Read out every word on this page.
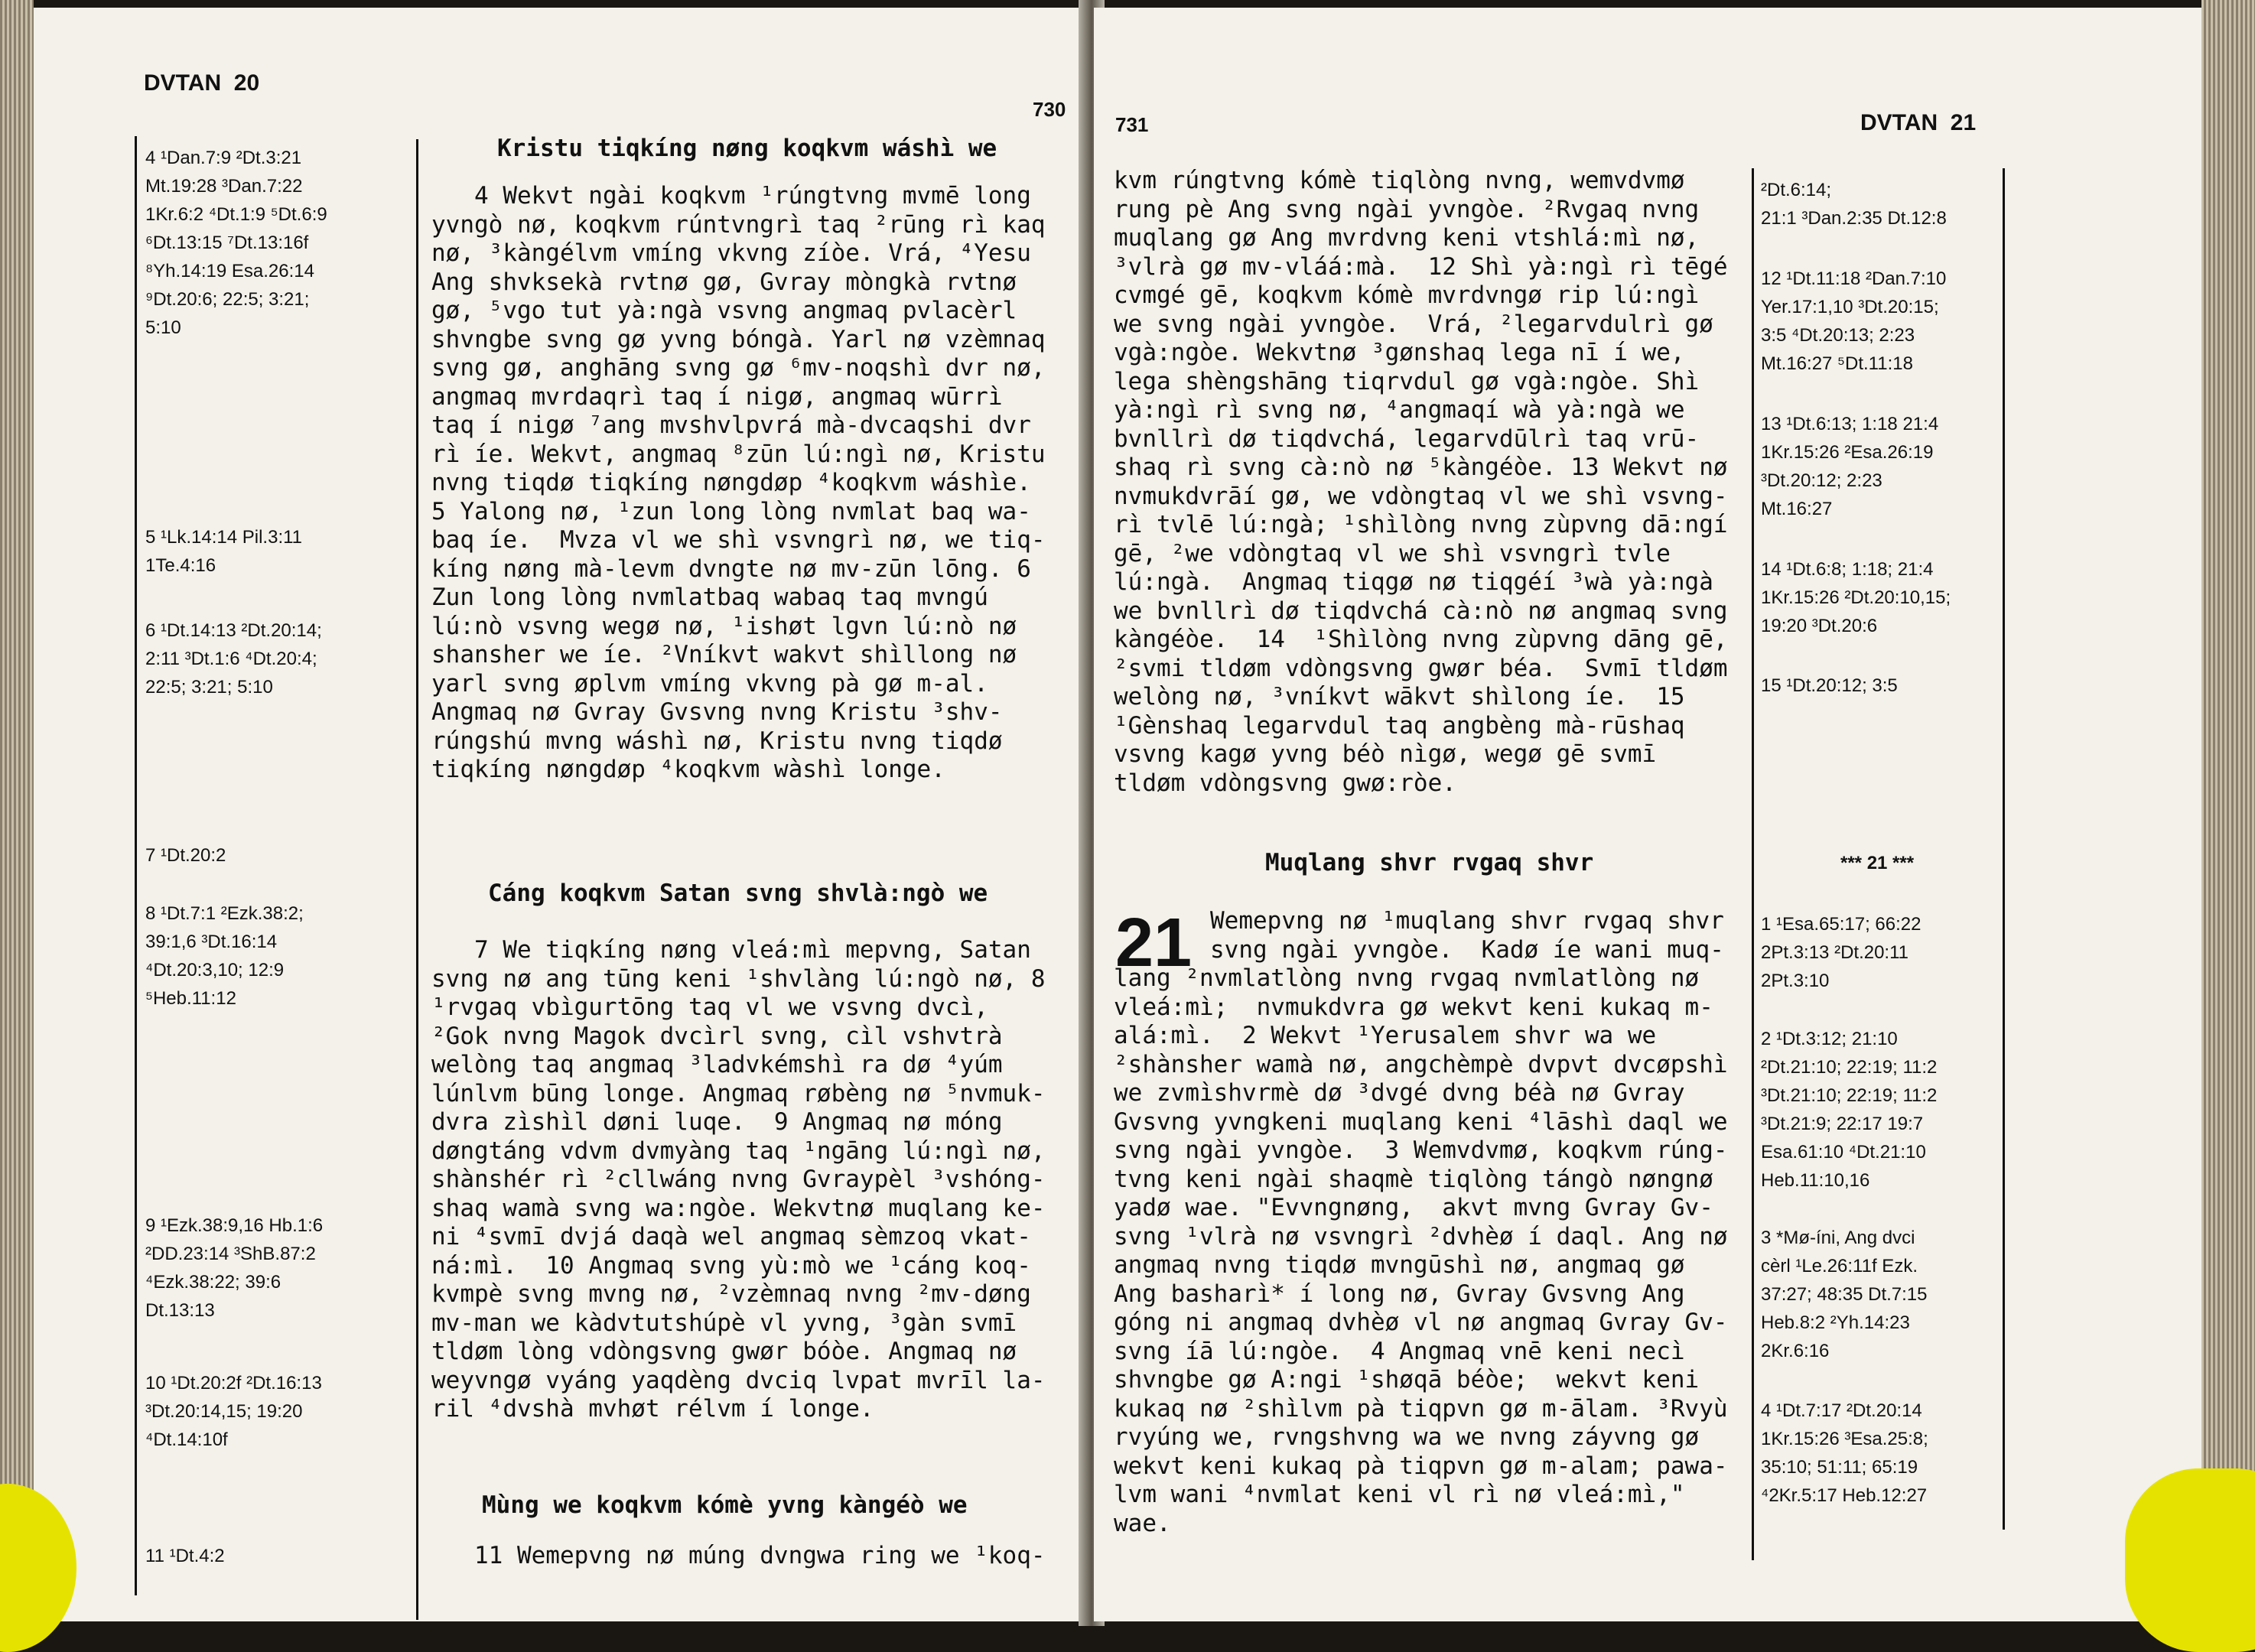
DVTAN  20
730

4 ¹Dan.7:9 ²Dt.3:21

Mt.19:28 ³Dan.7:22

1Kr.6:2 ⁴Dt.1:9 ⁵Dt.6:9

⁶Dt.13:15 ⁷Dt.13:16f

⁸Yh.14:19 Esa.26:14

⁹Dt.20:6; 22:5; 3:21;

5:10

5 ¹Lk.14:14 Pil.3:11

1Te.4:16

6 ¹Dt.14:13 ²Dt.20:14;

2:11 ³Dt.1:6 ⁴Dt.20:4;

22:5; 3:21; 5:10

7 ¹Dt.20:2

8 ¹Dt.7:1 ²Ezk.38:2;

39:1,6 ³Dt.16:14

⁴Dt.20:3,10; 12:9

⁵Heb.11:12

9 ¹Ezk.38:9,16 Hb.1:6

²DD.23:14 ³ShB.87:2

⁴Ezk.38:22; 39:6

Dt.13:13

10 ¹Dt.20:2f ²Dt.16:13

³Dt.20:14,15; 19:20

⁴Dt.14:10f

11 ¹Dt.4:2

Kristu tiqkíng nøng koqkvm wáshì we
4 Wekvt ngài koqkvm ¹rúngtvng mvmē long
yvngò nø, koqkvm rúntvngrì taq ²rūng rì kaq
nø, ³kàngélvm vmíng vkvng zíòe. Vrá, ⁴Yesu
Ang shvksekà rvtnø gø, Gvray mòngkà rvtnø
gø, ⁵vgo tut yà:ngà vsvng angmaq pvlacèrl
shvngbe svng gø yvng bóngà. Yarl nø vzèmnaq
svng gø, anghāng svng gø ⁶mv-noqshì dvr nø,
angmaq mvrdaqrì taq í nigø, angmaq wūrrì
taq í nigø ⁷ang mvshvlpvrá mà-dvcaqshi dvr
rì íe. Wekvt, angmaq ⁸zūn lú:ngì nø, Kristu
nvng tiqdø tiqkíng nøngdøp ⁴koqkvm wáshìe.
5 Yalong nø, ¹zun long lòng nvmlat baq wa-
baq íe.  Mvza vl we shì vsvngrì nø, we tiq-
kíng nøng mà-levm dvngte nø mv-zūn lōng. 6
Zun long lòng nvmlatbaq wabaq taq mvngú
lú:nò vsvng wegø nø, ¹ishøt lgvn lú:nò nø
shansher we íe. ²Vníkvt wakvt shìllong nø
yarl svng øplvm vmíng vkvng pà gø m-al.
Angmaq nø Gvray Gvsvng nvng Kristu ³shv-
rúngshú mvng wáshì nø, Kristu nvng tiqdø
tiqkíng nøngdøp ⁴koqkvm wàshì longe.
Cáng koqkvm Satan svng shvlà:ngò we
7 We tiqkíng nøng vleá:mì mepvng, Satan
svng nø ang tūng keni ¹shvlàng lú:ngò nø, 8
¹rvgaq vbìgurtōng taq vl we vsvng dvcì,
²Gok nvng Magok dvcìrl svng, cìl vshvtrà
welòng taq angmaq ³ladvkémshì ra dø ⁴yúm
lúnlvm būng longe. Angmaq røbèng nø ⁵nvmuk-
dvra zìshìl døni luqe.  9 Angmaq nø móng
døngtáng vdvm dvmyàng taq ¹ngāng lú:ngì nø,
shànshér rì ²cllwáng nvng Gvraypèl ³vshóng-
shaq wamà svng wa:ngòe. Wekvtnø muqlang ke-
ni ⁴svmī dvjá daqà wel angmaq sèmzoq vkat-
ná:mì.  10 Angmaq svng yù:mò we ¹cáng koq-
kvmpè svng mvng nø, ²vzèmnaq nvng ²mv-døng
mv-man we kàdvtutshúpè vl yvng, ³gàn svmī
tldøm lòng vdòngsvng gwør bóòe. Angmaq nø
weyvngø vyáng yaqdèng dvciq lvpat mvrīl la-
ril ⁴dvshà mvhøt rélvm í longe.
Mùng we koqkvm kómè yvng kàngéò we
11 Wemepvng nø múng dvngwa ring we ¹koq-
731	DVTAN  21
kvm rúngtvng kómè tiqlòng nvng, wemvdvmø
rung pè Ang svng ngài yvngòe. ²Rvgaq nvng
muqlang gø Ang mvrdvng keni vtshlá:mì nø,
³vlrà gø mv-vláá:mà.  12 Shì yà:ngì rì tēgé
cvmgé gē, koqkvm kómè mvrdvngø rip lú:ngì
we svng ngài yvngòe.  Vrá, ²legarvdulrì gø
vgà:ngòe. Wekvtnø ³gønshaq lega nī í we,
lega shèngshāng tiqrvdul gø vgà:ngòe. Shì
yà:ngì rì svng nø, ⁴angmaqí wà yà:ngà we
bvnllrì dø tiqdvchá, legarvdūlrì taq vrū-
shaq rì svng cà:nò nø ⁵kàngéòe. 13 Wekvt nø
nvmukdvrāí gø, we vdòngtaq vl we shì vsvng-
rì tvlē lú:ngà; ¹shìlòng nvng zùpvng dā:ngí
gē, ²we vdòngtaq vl we shì vsvngrì tvle
lú:ngà.  Angmaq tiqgø nø tiqgéí ³wà yà:ngà
we bvnllrì dø tiqdvchá cà:nò nø angmaq svng
kàngéòe.  14  ¹Shìlòng nvng zùpvng dāng gē,
²svmi tldøm vdòngsvng gwør béa.  Svmī tldøm
welòng nø, ³vníkvt wākvt shìlong íe.  15
¹Gènshaq legarvdul taq angbèng mà-rūshaq
vsvng kagø yvng béò nìgø, wegø gē svmī
tldøm vdòngsvng gwø:ròe.
Muqlang shvr rvgaq shvr
21 Wemepvng nø ¹muqlang shvr rvgaq shvr
svng ngài yvngòe.  Kadø íe wani muq-
lang ²nvmlatlòng nvng rvgaq nvmlatlòng nø
vleá:mì;  nvmukdvra gø wekvt keni kukaq m-
alá:mì.  2 Wekvt ¹Yerusalem shvr wa we
²shànsher wamà nø, angchèmpè dvpvt dvcøpshì
we zvmìshvrmè dø ³dvgé dvng béà nø Gvray
Gvsvng yvngkeni muqlang keni ⁴lāshì daql we
svng ngài yvngòe.  3 Wemvdvmø, koqkvm rúng-
tvng keni ngài shaqmè tiqlòng tángò nøngnø
yadø wae. "Evvngnøng,  akvt mvng Gvray Gv-
svng ¹vlrà nø vsvngrì ²dvhèø í daql. Ang nø
angmaq nvng tiqdø mvngūshì nø, angmaq gø
Ang basharì* í long nø, Gvray Gvsvng Ang
góng ni angmaq dvhèø vl nø angmaq Gvray Gv-
svng íā lú:ngòe.  4 Angmaq vnē keni necì
shvngbe gø A:ngi ¹shøqā béòe;  wekvt keni
kukaq nø ²shìlvm pà tiqpvn gø m-ālam. ³Rvyù
rvyúng we, rvngshvng wa we nvng záyvng gø
wekvt keni kukaq pà tiqpvn gø m-alam; pawa-
lvm wani ⁴nvmlat keni vl rì nø vleá:mì,"
wae.

²Dt.6:14;

21:1 ³Dan.2:35 Dt.12:8

12 ¹Dt.11:18 ²Dan.7:10

Yer.17:1,10 ³Dt.20:15;

3:5 ⁴Dt.20:13; 2:23

Mt.16:27 ⁵Dt.11:18

13 ¹Dt.6:13; 1:18 21:4

1Kr.15:26 ²Esa.26:19

³Dt.20:12; 2:23

Mt.16:27

14 ¹Dt.6:8; 1:18; 21:4

1Kr.15:26 ²Dt.20:10,15;

19:20 ³Dt.20:6

15 ¹Dt.20:12; 3:5

*** 21 ***

1 ¹Esa.65:17; 66:22

2Pt.3:13 ²Dt.20:11

2Pt.3:10

2 ¹Dt.3:12; 21:10

²Dt.21:10; 22:19; 11:2

³Dt.21:10; 22:19; 11:2

³Dt.21:9; 22:17 19:7

Esa.61:10 ⁴Dt.21:10

Heb.11:10,16

3 *Mø-íni, Ang dvci

cèrl ¹Le.26:11f Ezk.

37:27; 48:35 Dt.7:15

Heb.8:2 ²Yh.14:23

2Kr.6:16

4 ¹Dt.7:17 ²Dt.20:14

1Kr.15:26 ³Esa.25:8;

35:10; 51:11; 65:19

⁴2Kr.5:17 Heb.12:27
